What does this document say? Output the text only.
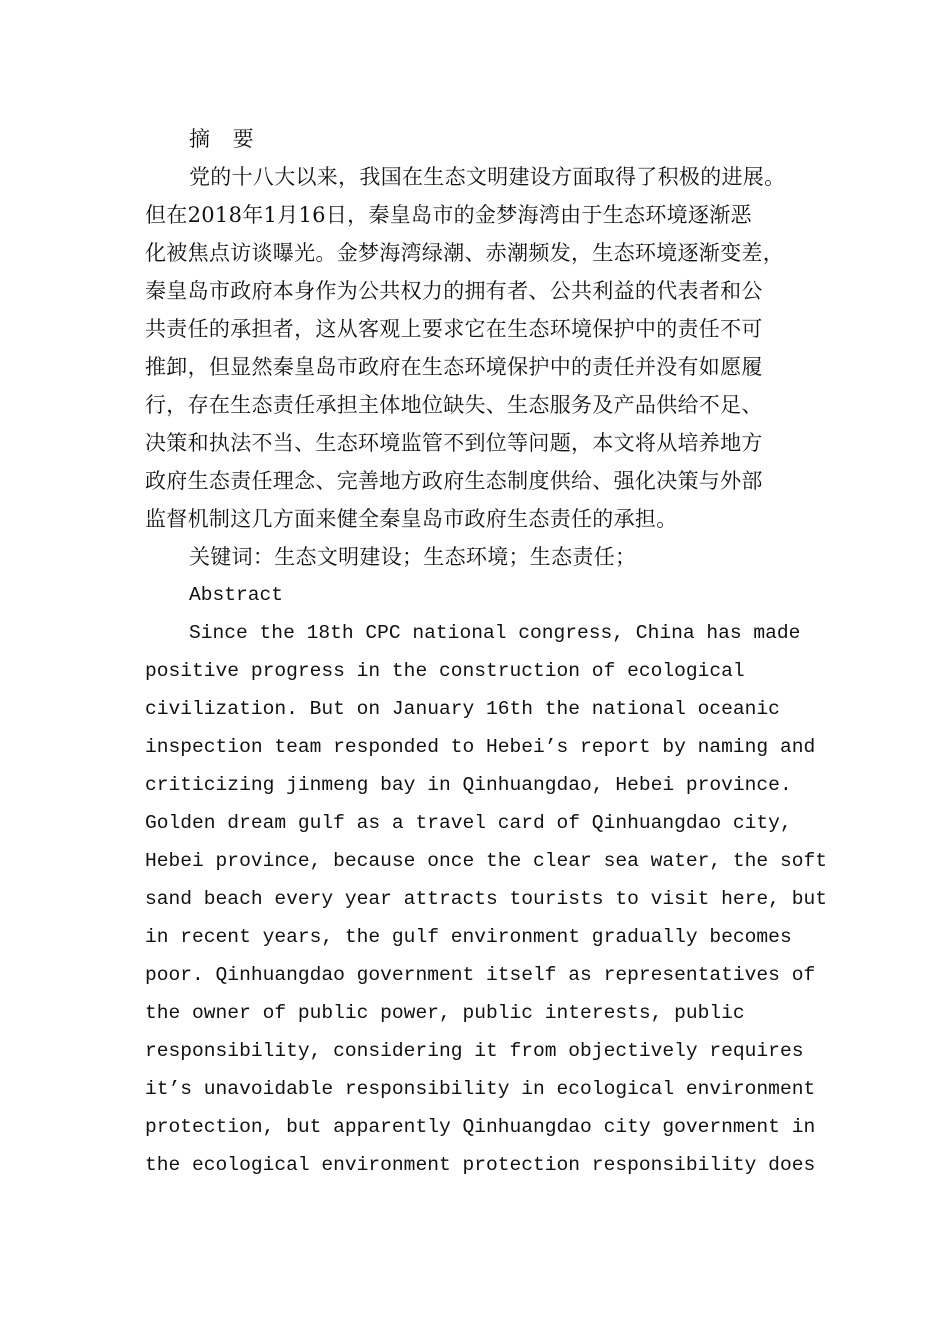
摘 要
党的十八大以来，我国在生态文明建设方面取得了积极的进展。
但在2018年1月16日，秦皇岛市的金梦海湾由于生态环境逐渐恶
化被焦点访谈曝光。金梦海湾绿潮、赤潮频发，生态环境逐渐变差，
秦皇岛市政府本身作为公共权力的拥有者、公共利益的代表者和公
共责任的承担者，这从客观上要求它在生态环境保护中的责任不可
推卸，但显然秦皇岛市政府在生态环境保护中的责任并没有如愿履
行，存在生态责任承担主体地位缺失、生态服务及产品供给不足、
决策和执法不当、生态环境监管不到位等问题，本文将从培养地方
政府生态责任理念、完善地方政府生态制度供给、强化决策与外部
监督机制这几方面来健全秦皇岛市政府生态责任的承担。
关键词：生态文明建设；生态环境；生态责任；
Abstract
Since the 18th CPC national congress, China has made
positive progress in the construction of ecological
civilization. But on January 16th the national oceanic
inspection team responded to Hebei’s report by naming and
criticizing jinmeng bay in Qinhuangdao, Hebei province.
Golden dream gulf as a travel card of Qinhuangdao city,
Hebei province, because once the clear sea water, the soft
sand beach every year attracts tourists to visit here, but
in recent years, the gulf environment gradually becomes
poor. Qinhuangdao government itself as representatives of
the owner of public power, public interests, public
responsibility, considering it from objectively requires
it’s unavoidable responsibility in ecological environment
protection, but apparently Qinhuangdao city government in
the ecological environment protection responsibility does
